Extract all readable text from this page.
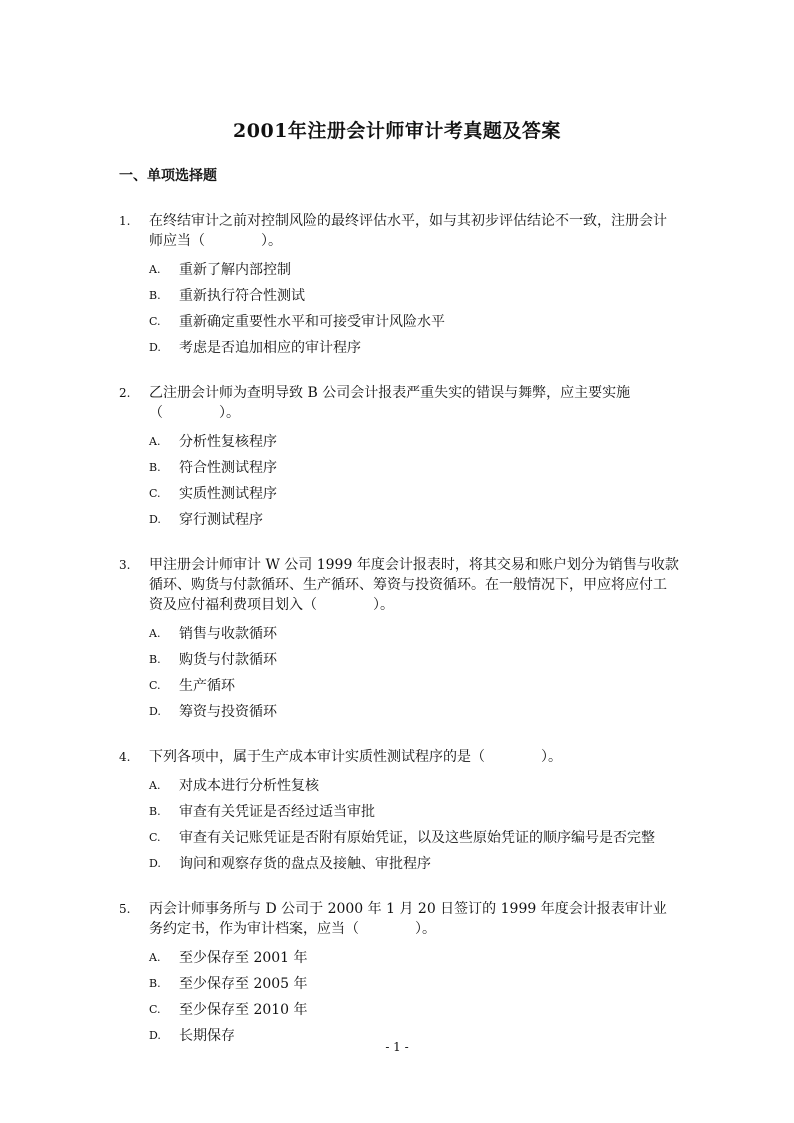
2001年注册会计师审计考真题及答案
一、单项选择题
1. 在终结审计之前对控制风险的最终评估水平，如与其初步评估结论不一致，注册会计师应当（　　　　）。
A. 重新了解内部控制
B. 重新执行符合性测试
C. 重新确定重要性水平和可接受审计风险水平
D. 考虑是否追加相应的审计程序
2. 乙注册会计师为查明导致 B 公司会计报表严重失实的错误与舞弊，应主要实施（　　　　）。
A. 分析性复核程序
B. 符合性测试程序
C. 实质性测试程序
D. 穿行测试程序
3. 甲注册会计师审计 W 公司 1999 年度会计报表时，将其交易和账户划分为销售与收款循环、购货与付款循环、生产循环、筹资与投资循环。在一般情况下，甲应将应付工资及应付福利费项目划入（　　　　）。
A. 销售与收款循环
B. 购货与付款循环
C. 生产循环
D. 筹资与投资循环
4. 下列各项中，属于生产成本审计实质性测试程序的是（　　　　）。
A. 对成本进行分析性复核
B. 审查有关凭证是否经过适当审批
C. 审查有关记账凭证是否附有原始凭证，以及这些原始凭证的顺序编号是否完整
D. 询问和观察存货的盘点及接触、审批程序
5. 丙会计师事务所与 D 公司于 2000 年 1 月 20 日签订的 1999 年度会计报表审计业务约定书，作为审计档案，应当（　　　　）。
A. 至少保存至 2001 年
B. 至少保存至 2005 年
C. 至少保存至 2010 年
D. 长期保存
- 1 -
